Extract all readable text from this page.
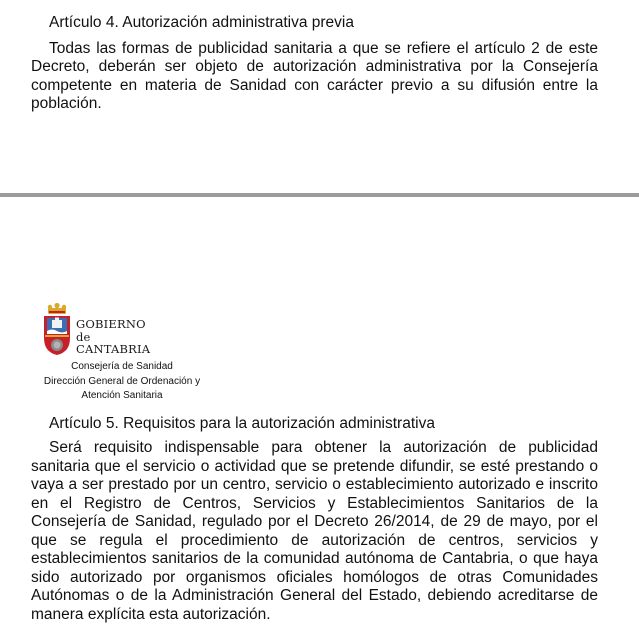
Artículo 4. Autorización administrativa previa

Todas las formas de publicidad sanitaria a que se refiere el artículo 2 de este Decreto, deberán ser objeto de autorización administrativa por la Consejería competente en materia de Sanidad con carácter previo a su difusión entre la población.

GOBIERNO
de
CANTABRIA
Consejería de Sanidad
Dirección General de Ordenación y
Atención Sanitaria
Artículo 5. Requisitos para la autorización administrativa

Será requisito indispensable para obtener la autorización de publicidad sanitaria que el servicio o actividad que se pretende difundir, se esté prestando o vaya a ser prestado por un centro, servicio o establecimiento autorizado e inscrito en el Registro de Centros, Servicios y Establecimientos Sanitarios de la Consejería de Sanidad, regulado por el Decreto 26/2014, de 29 de mayo, por el que se regula el procedimiento de autorización de centros, servicios y establecimientos sanitarios de la comunidad autónoma de Cantabria, o que haya sido autorizado por organismos oficiales homólogos de otras Comunidades Autónomas o de la Administración General del Estado, debiendo acreditarse de manera explícita esta autorización.
